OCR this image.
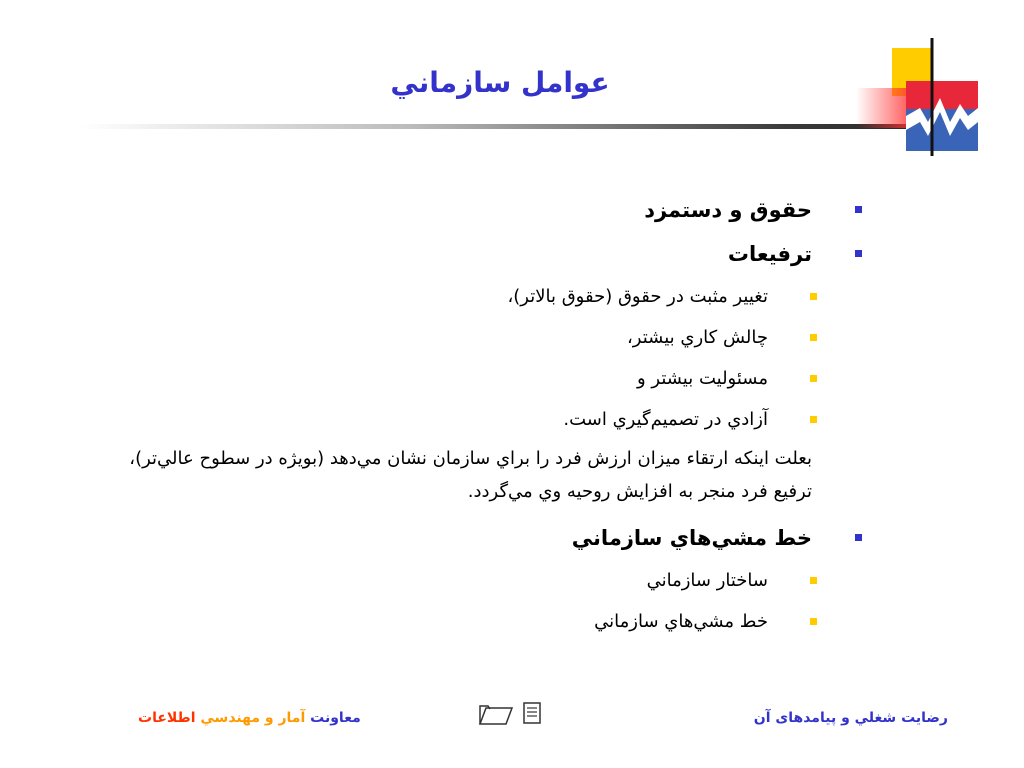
عوامل سازماني
حقوق و دستمزد
ترفيعات
تغيير مثبت در حقوق (حقوق بالاتر)،
چالش كاري بيشتر،
مسئوليت بيشتر و
آزادي در تصميم‌گيري است.
بعلت اينكه ارتقاء ميزان ارزش فرد را براي سازمان نشان مي‌دهد (بويژه در سطوح عالي‌تر)،
ترفيع فرد منجر به افزايش روحيه وي مي‌گردد.
خط مشي‌هاي سازماني
ساختار سازماني
خط مشي‌هاي سازماني
معاونت آمار و مهندسي اطلاعات	رضايت شغلي و پيامدهای آن
